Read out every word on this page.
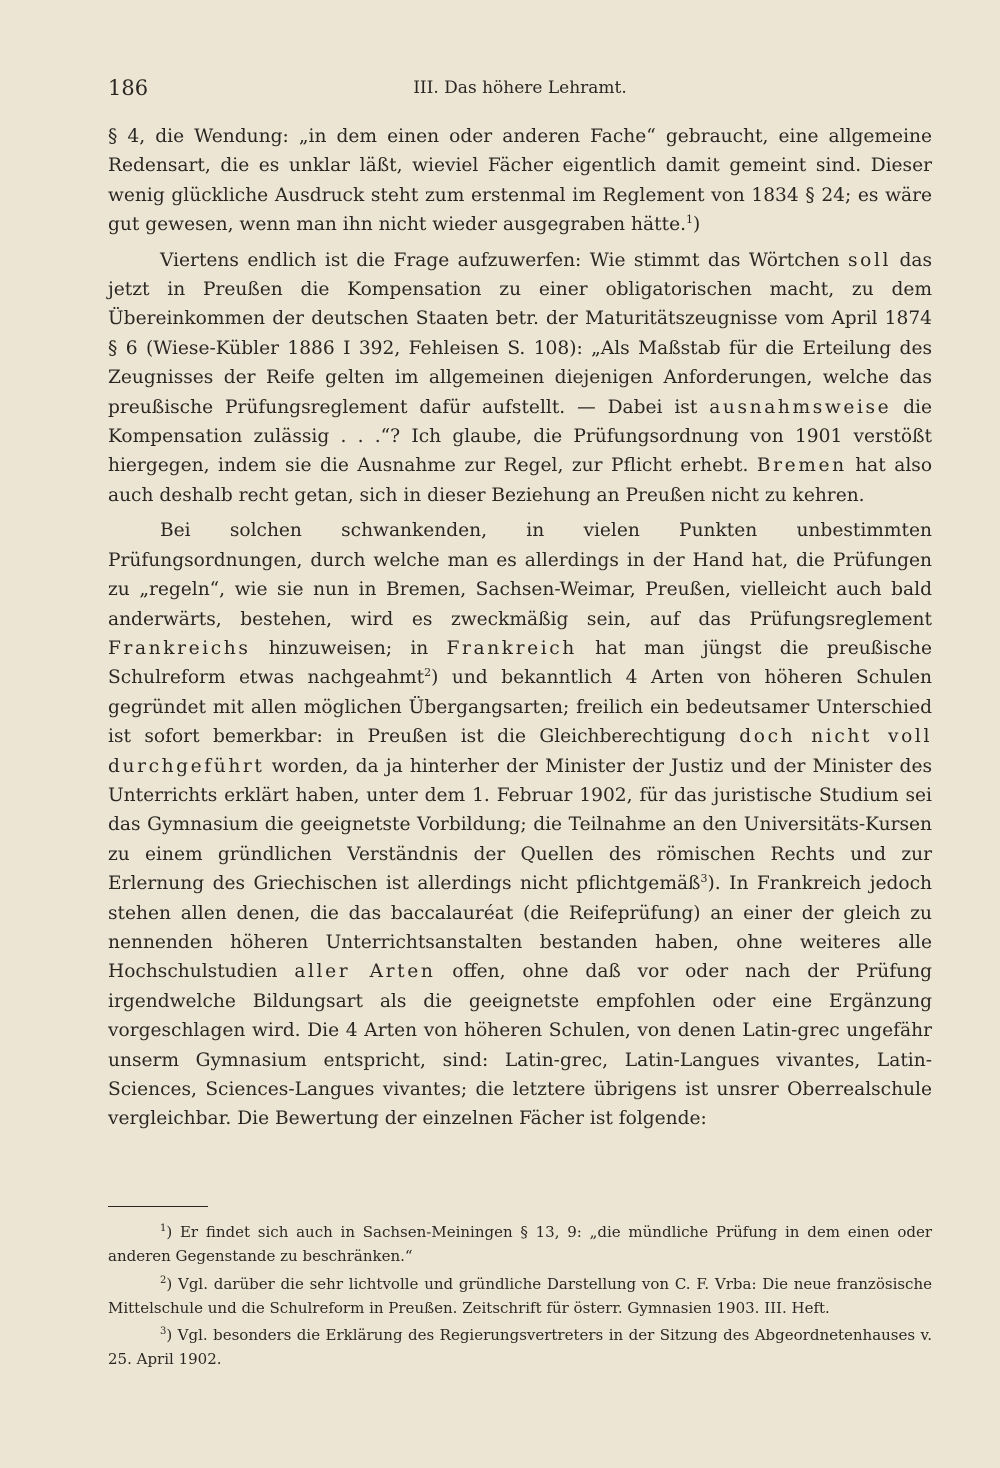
186	III. Das höhere Lehramt.

§ 4, die Wendung: „in dem einen oder anderen Fache“ gebraucht, eine allgemeine Redensart, die es unklar läßt, wieviel Fächer eigentlich damit gemeint sind. Dieser wenig glückliche Ausdruck steht zum erstenmal im Reglement von 1834 § 24; es wäre gut gewesen, wenn man ihn nicht wieder ausgegraben hätte.$^1$)

Viertens endlich ist die Frage aufzuwerfen: Wie stimmt das Wörtchen soll das jetzt in Preußen die Kompensation zu einer obligatorischen macht, zu dem Übereinkommen der deutschen Staaten betr. der Maturitätszeugnisse vom April 1874 § 6 (Wiese-Kübler 1886 I 392, Fehleisen S. 108): „Als Maßstab für die Erteilung des Zeugnisses der Reife gelten im allgemeinen diejenigen Anforderungen, welche das preußische Prüfungsreglement dafür aufstellt. — Dabei ist ausnahmsweise die Kompensation zulässig . . .“? Ich glaube, die Prüfungsordnung von 1901 verstößt hiergegen, indem sie die Ausnahme zur Regel, zur Pflicht erhebt. Bremen hat also auch deshalb recht getan, sich in dieser Beziehung an Preußen nicht zu kehren.

Bei solchen schwankenden, in vielen Punkten unbestimmten Prüfungsordnungen, durch welche man es allerdings in der Hand hat, die Prüfungen zu „regeln“, wie sie nun in Bremen, Sachsen-Weimar, Preußen, vielleicht auch bald anderwärts, bestehen, wird es zweckmäßig sein, auf das Prüfungsreglement Frankreichs hinzuweisen; in Frankreich hat man jüngst die preußische Schulreform etwas nachgeahmt$^2$) und bekanntlich 4 Arten von höheren Schulen gegründet mit allen möglichen Übergangsarten; freilich ein bedeutsamer Unterschied ist sofort bemerkbar: in Preußen ist die Gleichberechtigung doch nicht voll durchgeführt worden, da ja hinterher der Minister der Justiz und der Minister des Unterrichts erklärt haben, unter dem 1. Februar 1902, für das juristische Studium sei das Gymnasium die geeignetste Vorbildung; die Teilnahme an den Universitäts-Kursen zu einem gründlichen Verständnis der Quellen des römischen Rechts und zur Erlernung des Griechischen ist allerdings nicht pflichtgemäß$^3$). In Frankreich jedoch stehen allen denen, die das baccalauréat (die Reifeprüfung) an einer der gleich zu nennenden höheren Unterrichtsanstalten bestanden haben, ohne weiteres alle Hochschulstudien aller Arten offen, ohne daß vor oder nach der Prüfung irgendwelche Bildungsart als die geeignetste empfohlen oder eine Ergänzung vorgeschlagen wird. Die 4 Arten von höheren Schulen, von denen Latin-grec ungefähr unserm Gymnasium entspricht, sind: Latin-grec, Latin-Langues vivantes, Latin-Sciences, Sciences-Langues vivantes; die letztere übrigens ist unsrer Oberrealschule vergleichbar. Die Bewertung der einzelnen Fächer ist folgende:

$^1$) Er findet sich auch in Sachsen-Meiningen § 13, 9: „die mündliche Prüfung in dem einen oder anderen Gegenstande zu beschränken.“

$^2$) Vgl. darüber die sehr lichtvolle und gründliche Darstellung von C. F. Vrba: Die neue französische Mittelschule und die Schulreform in Preußen. Zeitschrift für österr. Gymnasien 1903. III. Heft.

$^3$) Vgl. besonders die Erklärung des Regierungsvertreters in der Sitzung des Abgeordnetenhauses v. 25. April 1902.
